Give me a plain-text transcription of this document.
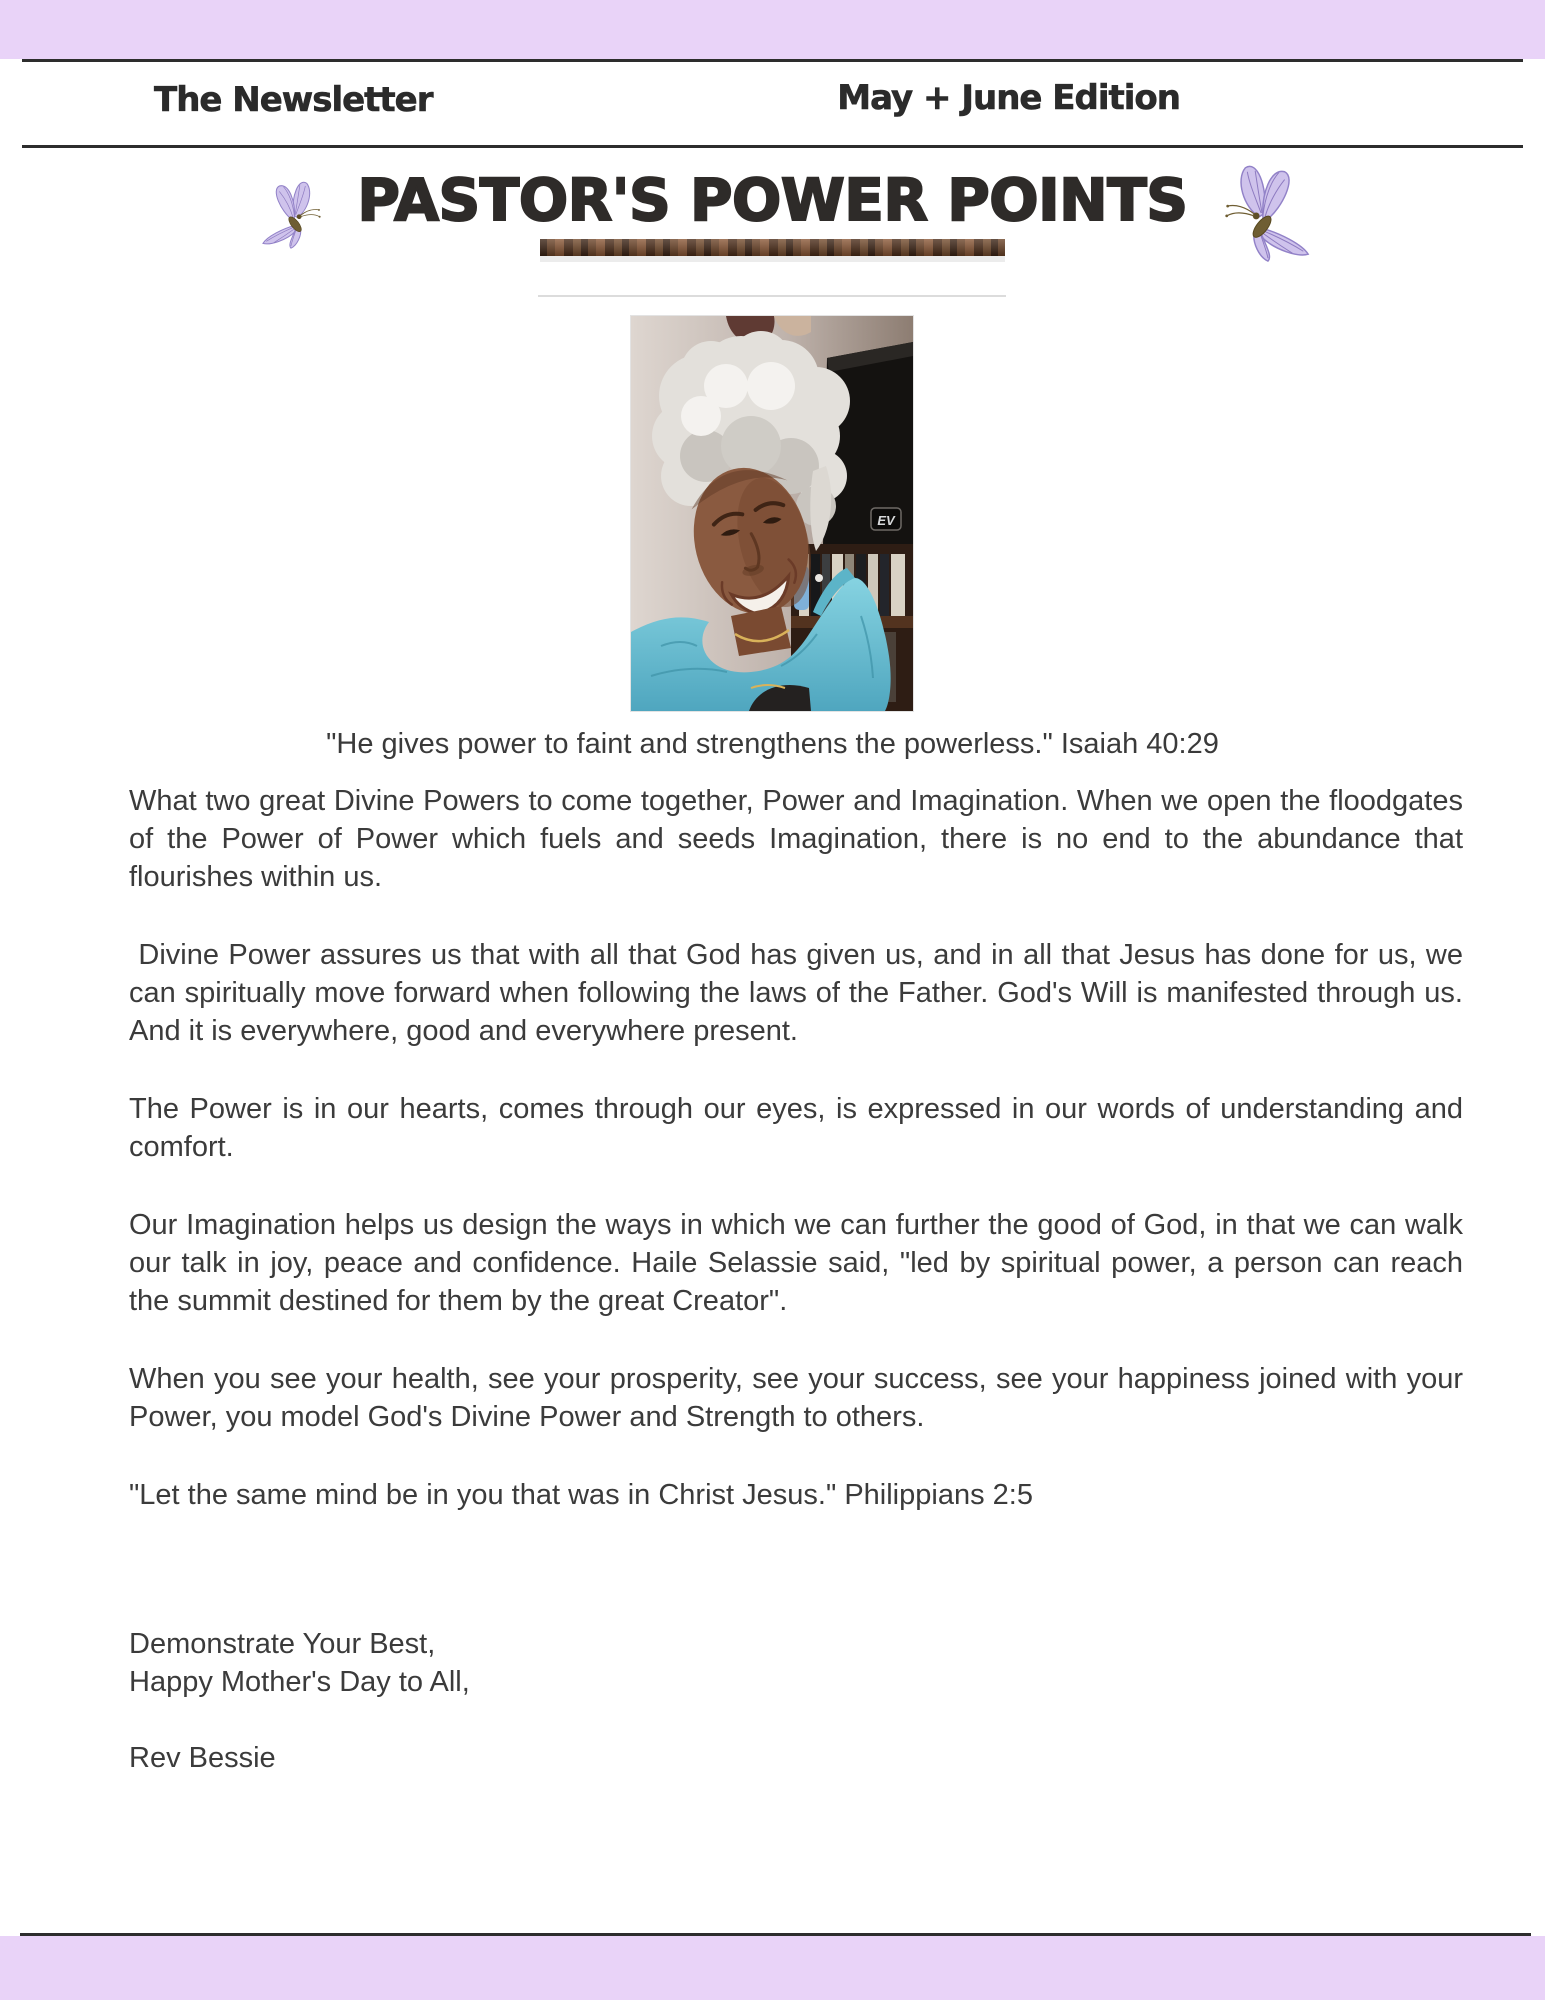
The Newsletter	May + June Edition
PASTOR'S POWER POINTS
EV
"He gives power to faint and strengthens the powerless." Isaiah 40:29

What two great Divine Powers to come together, Power and Imagination. When we open the floodgates of the Power of Power which fuels and seeds Imagination, there is no end to the abundance that flourishes within us.

Divine Power assures us that with all that God has given us, and in all that Jesus has done for us, we can spiritually move forward when following the laws of the Father. God's Will is manifested through us. And it is everywhere, good and everywhere present.

The Power is in our hearts, comes through our eyes, is expressed in our words of understanding and comfort.

Our Imagination helps us design the ways in which we can further the good of God, in that we can walk our talk in joy, peace and confidence. Haile Selassie said, "led by spiritual power, a person can reach the summit destined for them by the great Creator".

When you see your health, see your prosperity, see your success, see your happiness joined with your Power, you model God's Divine Power and Strength to others.

"Let the same mind be in you that was in Christ Jesus." Philippians 2:5

Demonstrate Your Best,
Happy Mother's Day to All,
Rev Bessie
